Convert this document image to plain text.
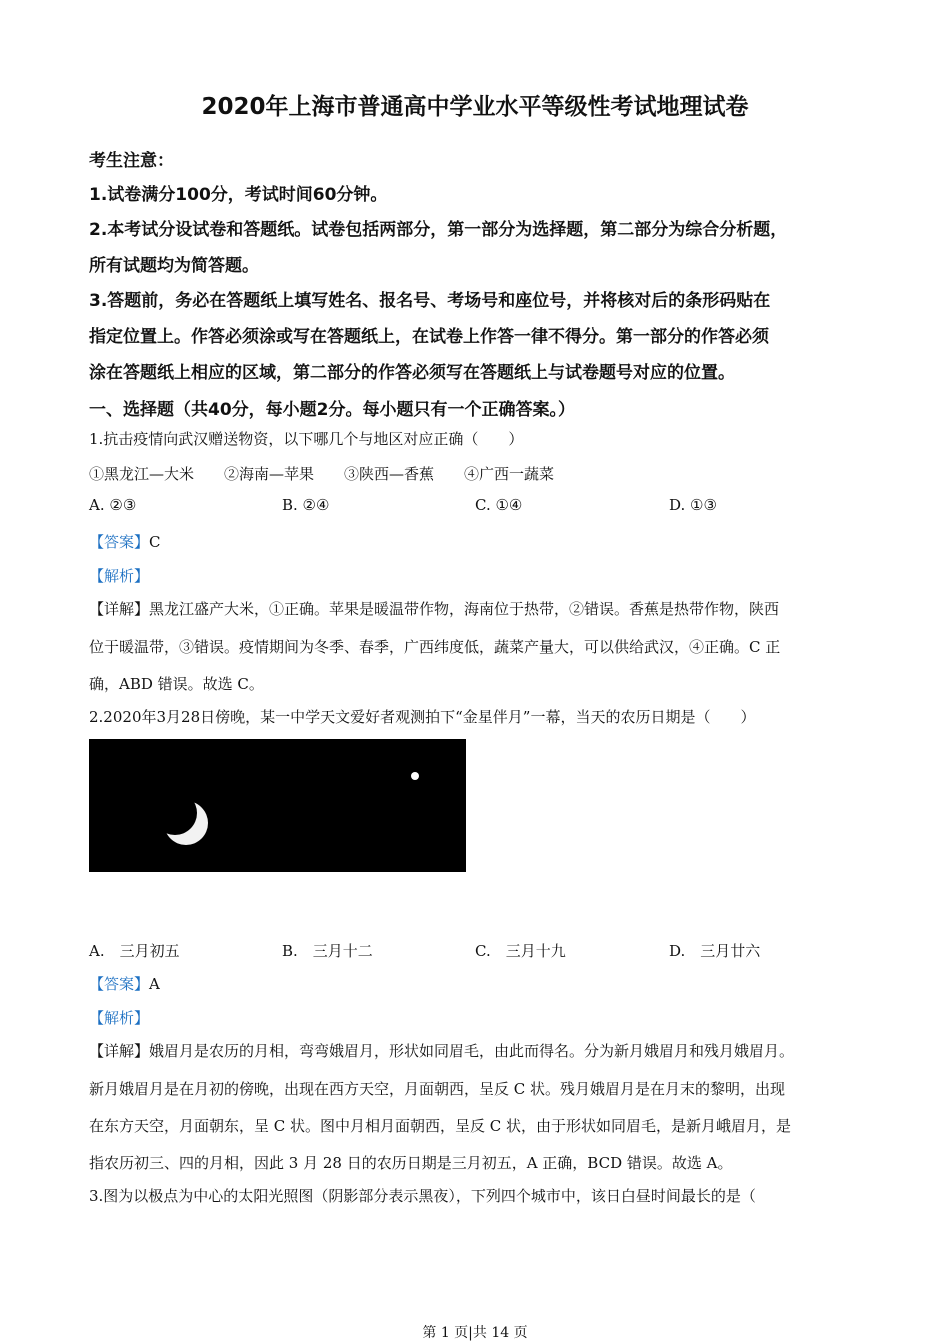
2020年上海市普通高中学业水平等级性考试地理试卷
考生注意：
1.试卷满分100分，考试时间60分钟。
2.本考试分设试卷和答题纸。试卷包括两部分，第一部分为选择题，第二部分为综合分析题，
所有试题均为简答题。
3.答题前，务必在答题纸上填写姓名、报名号、考场号和座位号，并将核对后的条形码贴在
指定位置上。作答必须涂或写在答题纸上，在试卷上作答一律不得分。第一部分的作答必须
涂在答题纸上相应的区域，第二部分的作答必须写在答题纸上与试卷题号对应的位置。
一、选择题（共40分，每小题2分。每小题只有一个正确答案。）
1.抗击疫情向武汉赠送物资，以下哪几个与地区对应正确（　　）
①黑龙江—大米　　②海南—苹果　　③陕西—香蕉　　④广西一蔬菜
A. ②③	B. ②④	C. ①④	D. ①③
【答案】C
【解析】
【详解】黑龙江盛产大米，①正确。苹果是暖温带作物，海南位于热带，②错误。香蕉是热带作物，陕西
位于暖温带，③错误。疫情期间为冬季、春季，广西纬度低，蔬菜产量大，可以供给武汉，④正确。C 正
确，ABD 错误。故选 C。
2.2020年3月28日傍晚，某一中学天文爱好者观测拍下“金星伴月”一幕，当天的农历日期是（　　）
A.　三月初五	B.　三月十二	C.　三月十九	D.　三月廿六
【答案】A
【解析】
【详解】娥眉月是农历的月相，弯弯娥眉月，形状如同眉毛，由此而得名。分为新月娥眉月和残月娥眉月。
新月娥眉月是在月初的傍晚，出现在西方天空，月面朝西，呈反 C 状。残月娥眉月是在月末的黎明，出现
在东方天空，月面朝东，呈 C 状。图中月相月面朝西，呈反 C 状，由于形状如同眉毛，是新月峨眉月，是
指农历初三、四的月相，因此 3 月 28 日的农历日期是三月初五，A 正确，BCD 错误。故选 A。
3.图为以极点为中心的太阳光照图（阴影部分表示黑夜），下列四个城市中，该日白昼时间最长的是（
第 1 页|共 14 页
